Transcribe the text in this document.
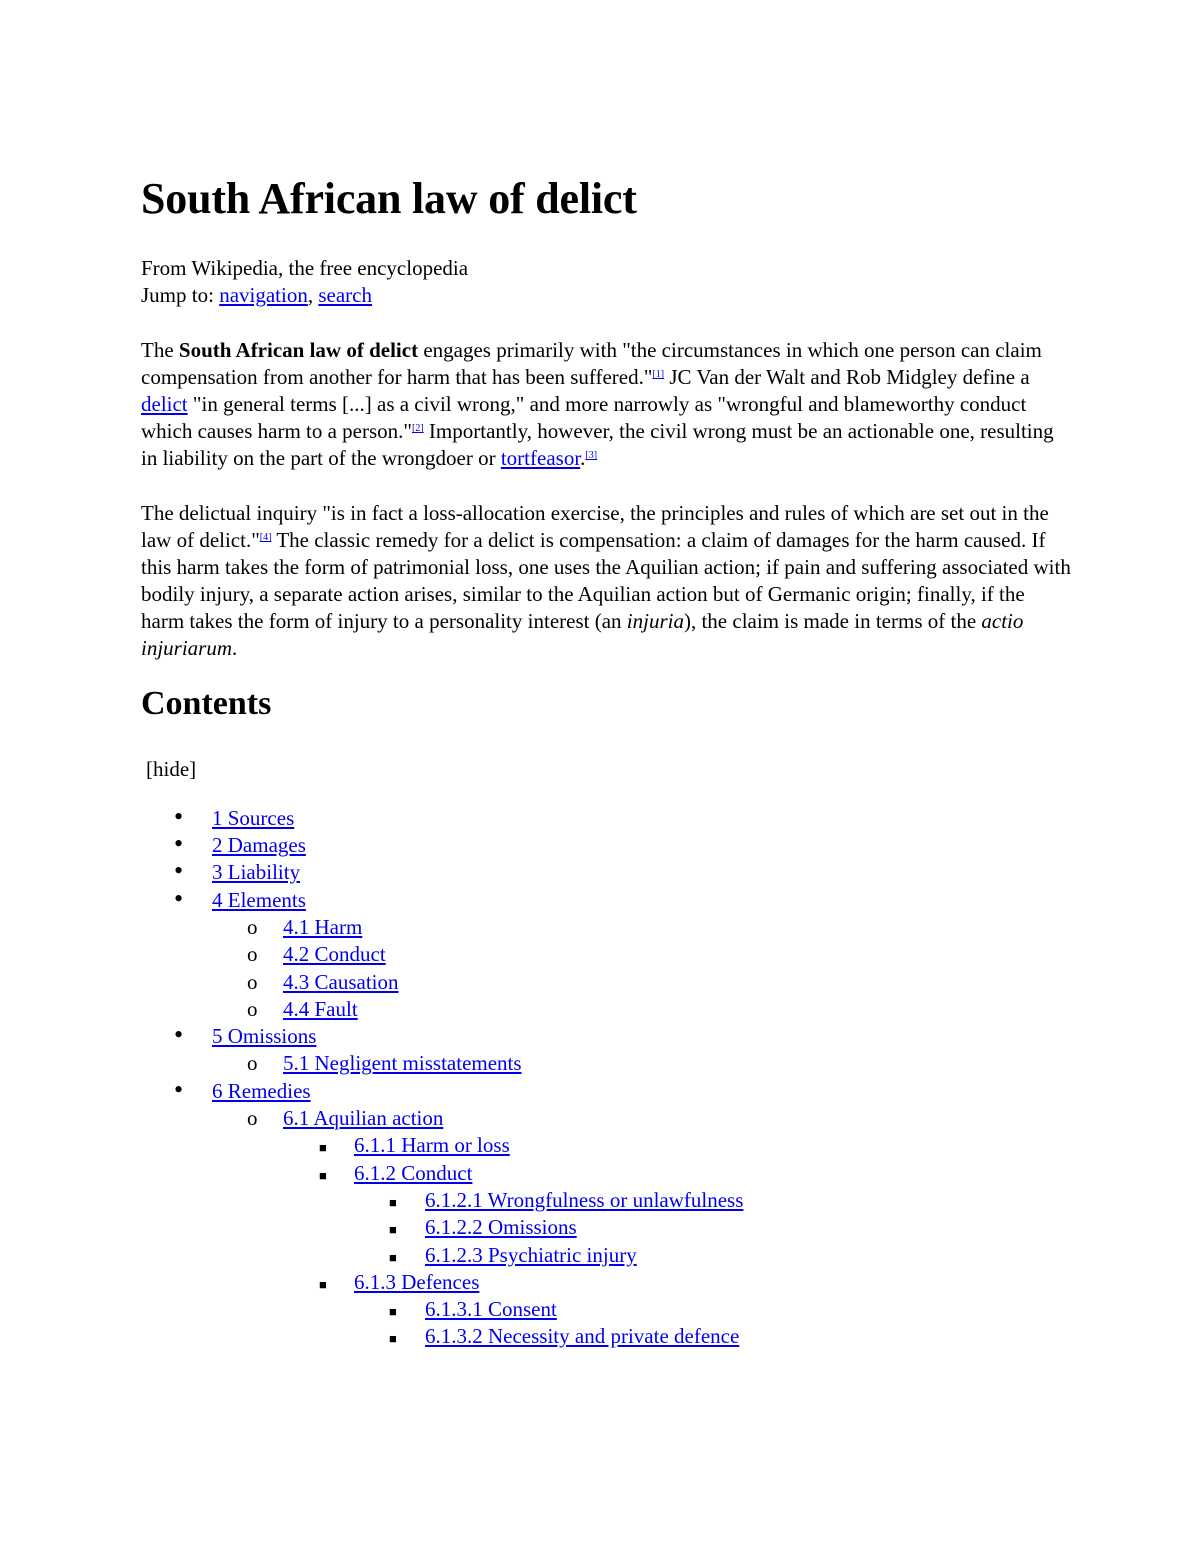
South African law of delict
From Wikipedia, the free encyclopedia
Jump to: navigation, search

The South African law of delict engages primarily with "the circumstances in which one person can claim compensation from another for harm that has been suffered."[1] JC Van der Walt and Rob Midgley define a delict "in general terms [...] as a civil wrong," and more narrowly as "wrongful and blameworthy conduct which causes harm to a person."[2] Importantly, however, the civil wrong must be an actionable one, resulting in liability on the part of the wrongdoer or tortfeasor.[3]

The delictual inquiry "is in fact a loss-allocation exercise, the principles and rules of which are set out in the law of delict."[4] The classic remedy for a delict is compensation: a claim of damages for the harm caused. If this harm takes the form of patrimonial loss, one uses the Aquilian action; if pain and suffering associated with bodily injury, a separate action arises, similar to the Aquilian action but of Germanic origin; finally, if the harm takes the form of injury to a personality interest (an injuria), the claim is made in terms of the actio injuriarum.

Contents
[hide]
• 1 Sources
• 2 Damages
• 3 Liability
• 4 Elements
o 4.1 Harm
o 4.2 Conduct
o 4.3 Causation
o 4.4 Fault
• 5 Omissions
o 5.1 Negligent misstatements
• 6 Remedies
o 6.1 Aquilian action
■ 6.1.1 Harm or loss
■ 6.1.2 Conduct
■ 6.1.2.1 Wrongfulness or unlawfulness
■ 6.1.2.2 Omissions
■ 6.1.2.3 Psychiatric injury
■ 6.1.3 Defences
■ 6.1.3.1 Consent
■ 6.1.3.2 Necessity and private defence
